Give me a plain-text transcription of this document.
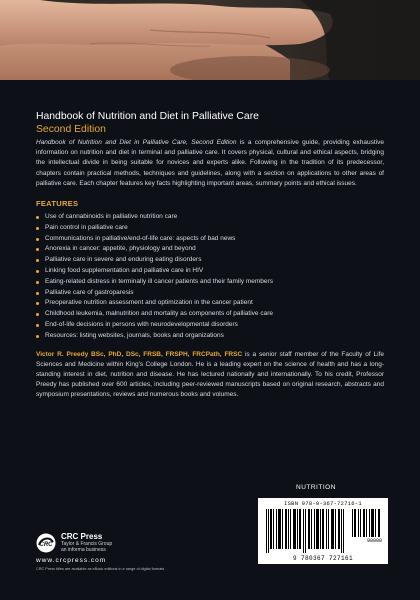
Handbook of Nutrition and Diet in Palliative Care

Second Edition

Handbook of Nutrition and Diet in Palliative Care, Second Edition is a comprehensive guide, providing exhaustive information on nutrition and diet in terminal and palliative care. It covers physical, cultural and ethical aspects, bridging the intellectual divide in being suitable for novices and experts alike. Following in the tradition of its predecessor, chapters contain practical methods, techniques and guidelines, along with a section on applications to other areas of palliative care. Each chapter features key facts highlighting important areas, summary points and ethical issues.

FEATURES

Use of cannabinoids in palliative nutrition care
Pain control in palliative care
Communications in palliative/end-of-life care: aspects of bad news
Anorexia in cancer: appetite, physiology and beyond
Palliative care in severe and enduring eating disorders
Linking food supplementation and palliative care in HIV
Eating-related distress in terminally ill cancer patients and their family members
Palliative care of gastroparesis
Preoperative nutrition assessment and optimization in the cancer patient
Childhood leukemia, malnutrition and mortality as components of palliative care
End-of-life decisions in persons with neurodevelopmental disorders
Resources: listing websites, journals, books and organizations

Victor R. Preedy BSc, PhD, DSc, FRSB, FRSPH, FRCPath, FRSC is a senior staff member of the Faculty of Life Sciences and Medicine within King's College London. He is a leading expert on the science of health and has a long-standing interest in diet, nutrition and disease. He has lectured nationally and internationally. To his credit, Professor Preedy has published over 600 articles, including peer-reviewed manuscripts based on original research, abstracts and symposium presentations, reviews and numerous books and volumes.

NUTRITION
ISBN 978-0-367-72716-1
90000
9 780367 727161
CRC
CRC Press
Taylor & Francis Group
an informa business
www.crcpress.com
CRC Press titles are available as eBook editions in a range of digital formats
